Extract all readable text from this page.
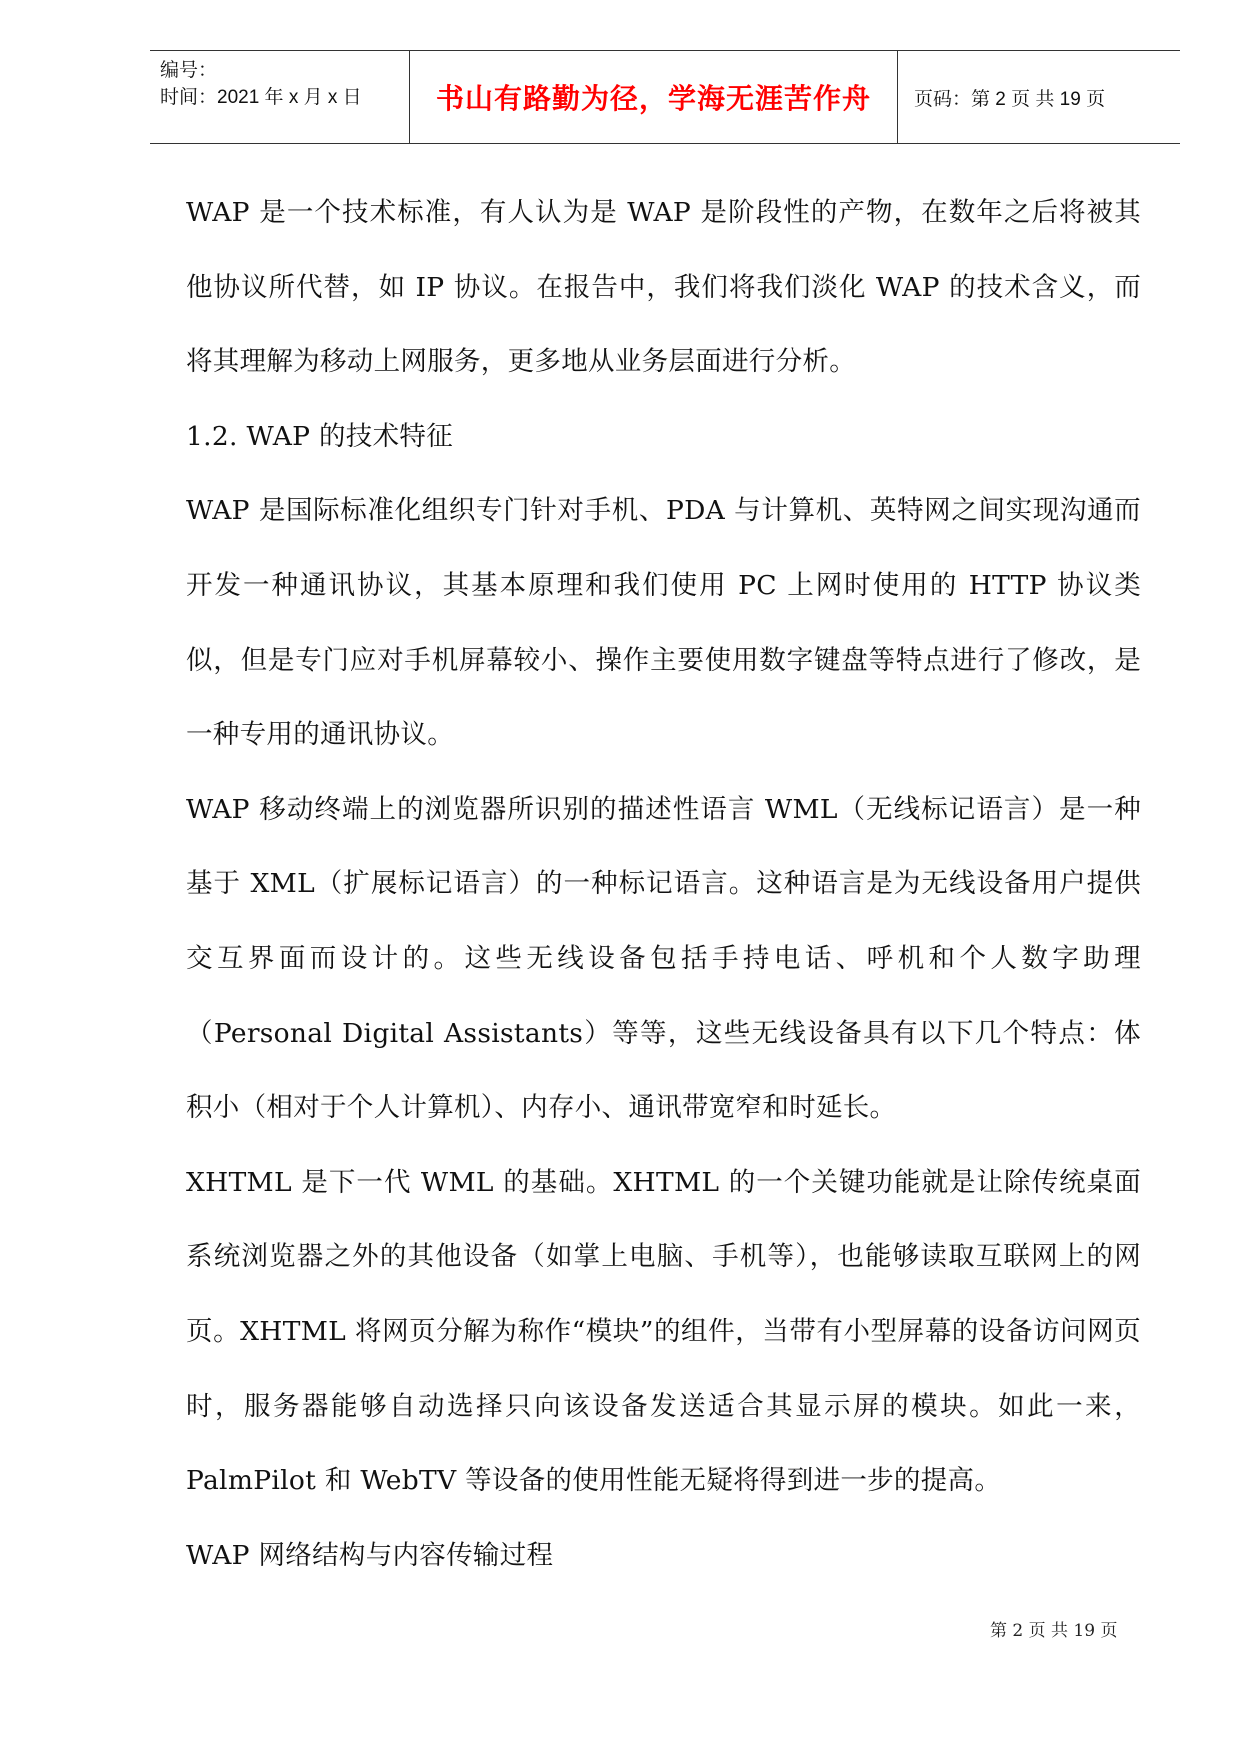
编号：
时间：2021 年 x 月 x 日	书山有路勤为径，学海无涯苦作舟 页码：第 2 页 共 19 页

WAP 是一个技术标准，有人认为是 WAP 是阶段性的产物，在数年之后将被其他协议所代替，如 IP 协议。在报告中，我们将我们淡化 WAP 的技术含义，而将其理解为移动上网服务，更多地从业务层面进行分析。

1.2. WAP 的技术特征

WAP 是国际标准化组织专门针对手机、PDA 与计算机、英特网之间实现沟通而开发一种通讯协议，其基本原理和我们使用 PC 上网时使用的 HTTP 协议类似，但是专门应对手机屏幕较小、操作主要使用数字键盘等特点进行了修改，是一种专用的通讯协议。

WAP 移动终端上的浏览器所识别的描述性语言 WML（无线标记语言）是一种基于 XML（扩展标记语言）的一种标记语言。这种语言是为无线设备用户提供交互界面而设计的。这些无线设备包括手持电话、呼机和个人数字助理（Personal Digital Assistants）等等，这些无线设备具有以下几个特点：体积小（相对于个人计算机）、内存小、通讯带宽窄和时延长。

XHTML 是下一代 WML 的基础。XHTML 的一个关键功能就是让除传统桌面系统浏览器之外的其他设备（如掌上电脑、手机等），也能够读取互联网上的网页。XHTML 将网页分解为称作“模块”的组件，当带有小型屏幕的设备访问网页时，服务器能够自动选择只向该设备发送适合其显示屏的模块。如此一来，PalmPilot 和 WebTV 等设备的使用性能无疑将得到进一步的提高。

WAP 网络结构与内容传输过程

第 2 页 共 19 页
